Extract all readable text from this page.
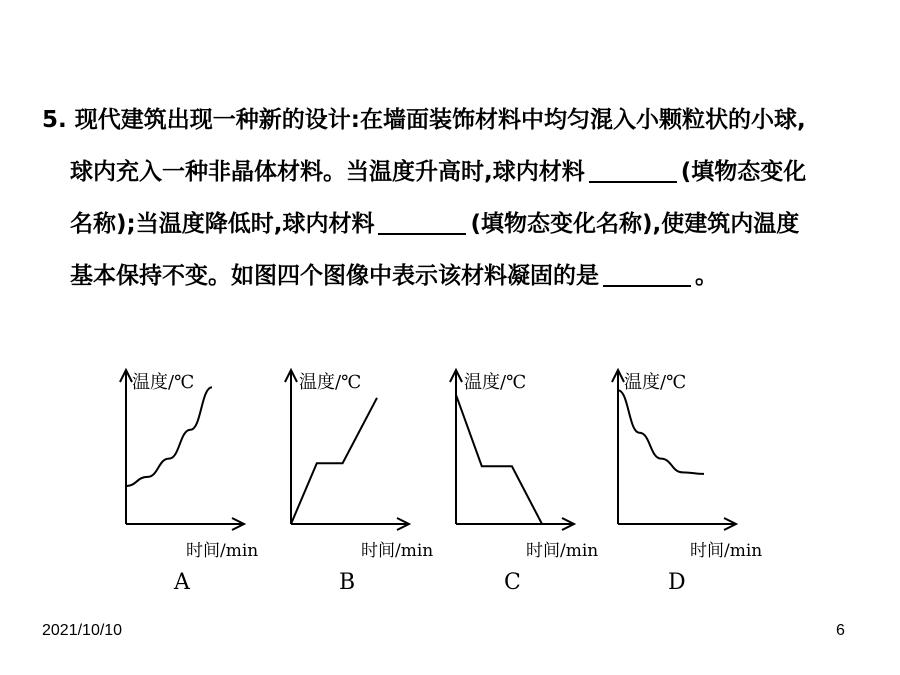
5. 现代建筑出现一种新的设计:在墙面装饰材料中均匀混入小颗粒状的小球,
球内充入一种非晶体材料。当温度升高时,球内材料	(填物态变化
名称);当温度降低时,球内材料	(填物态变化名称),使建筑内温度
基本保持不变。如图四个图像中表示该材料凝固的是	。
温度/℃
时间/min
A
温度/℃
时间/min
B
温度/℃
时间/min
C
温度/℃
时间/min
D
2021/10/10	6
